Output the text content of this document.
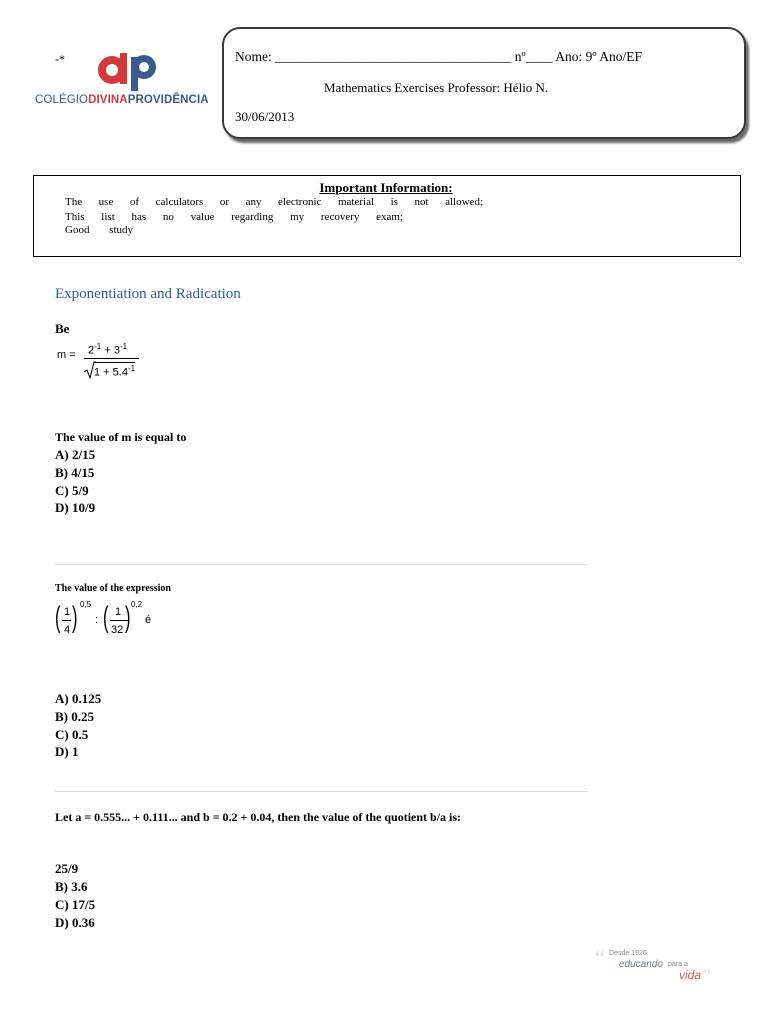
-*
COLÉGIODIVINAPROVIDÊNCIA
Nome: ___________________________________ nº____ Ano: 9º Ano/EF
Mathematics Exercises Professor: Hélio N.
30/06/2013
Important Information:
The use of calculators or any electronic material is not allowed;
This list has no value regarding my recovery exam;
Good study
Exponentiation and Radication
Be
$m = 2^{-1} + 3^{-1}$
$1 + 5.4^{-1}$
The value of m is equal to
A) 2/15
B) 4/15
C) 5/9
D) 10/9
The value of the expression
( 1
4 ) 0,5
: ( 1
32 ) 0,2
é
A) 0.125
B) 0.25
C) 0.5
D) 1
Let a = 0.555... + 0.111... and b = 0.2 + 0.04, then the value of the quotient b/a is:
25/9
B) 3.6
C) 17/5
D) 0.36
“ Desde 1926
educando para a
vida ”
